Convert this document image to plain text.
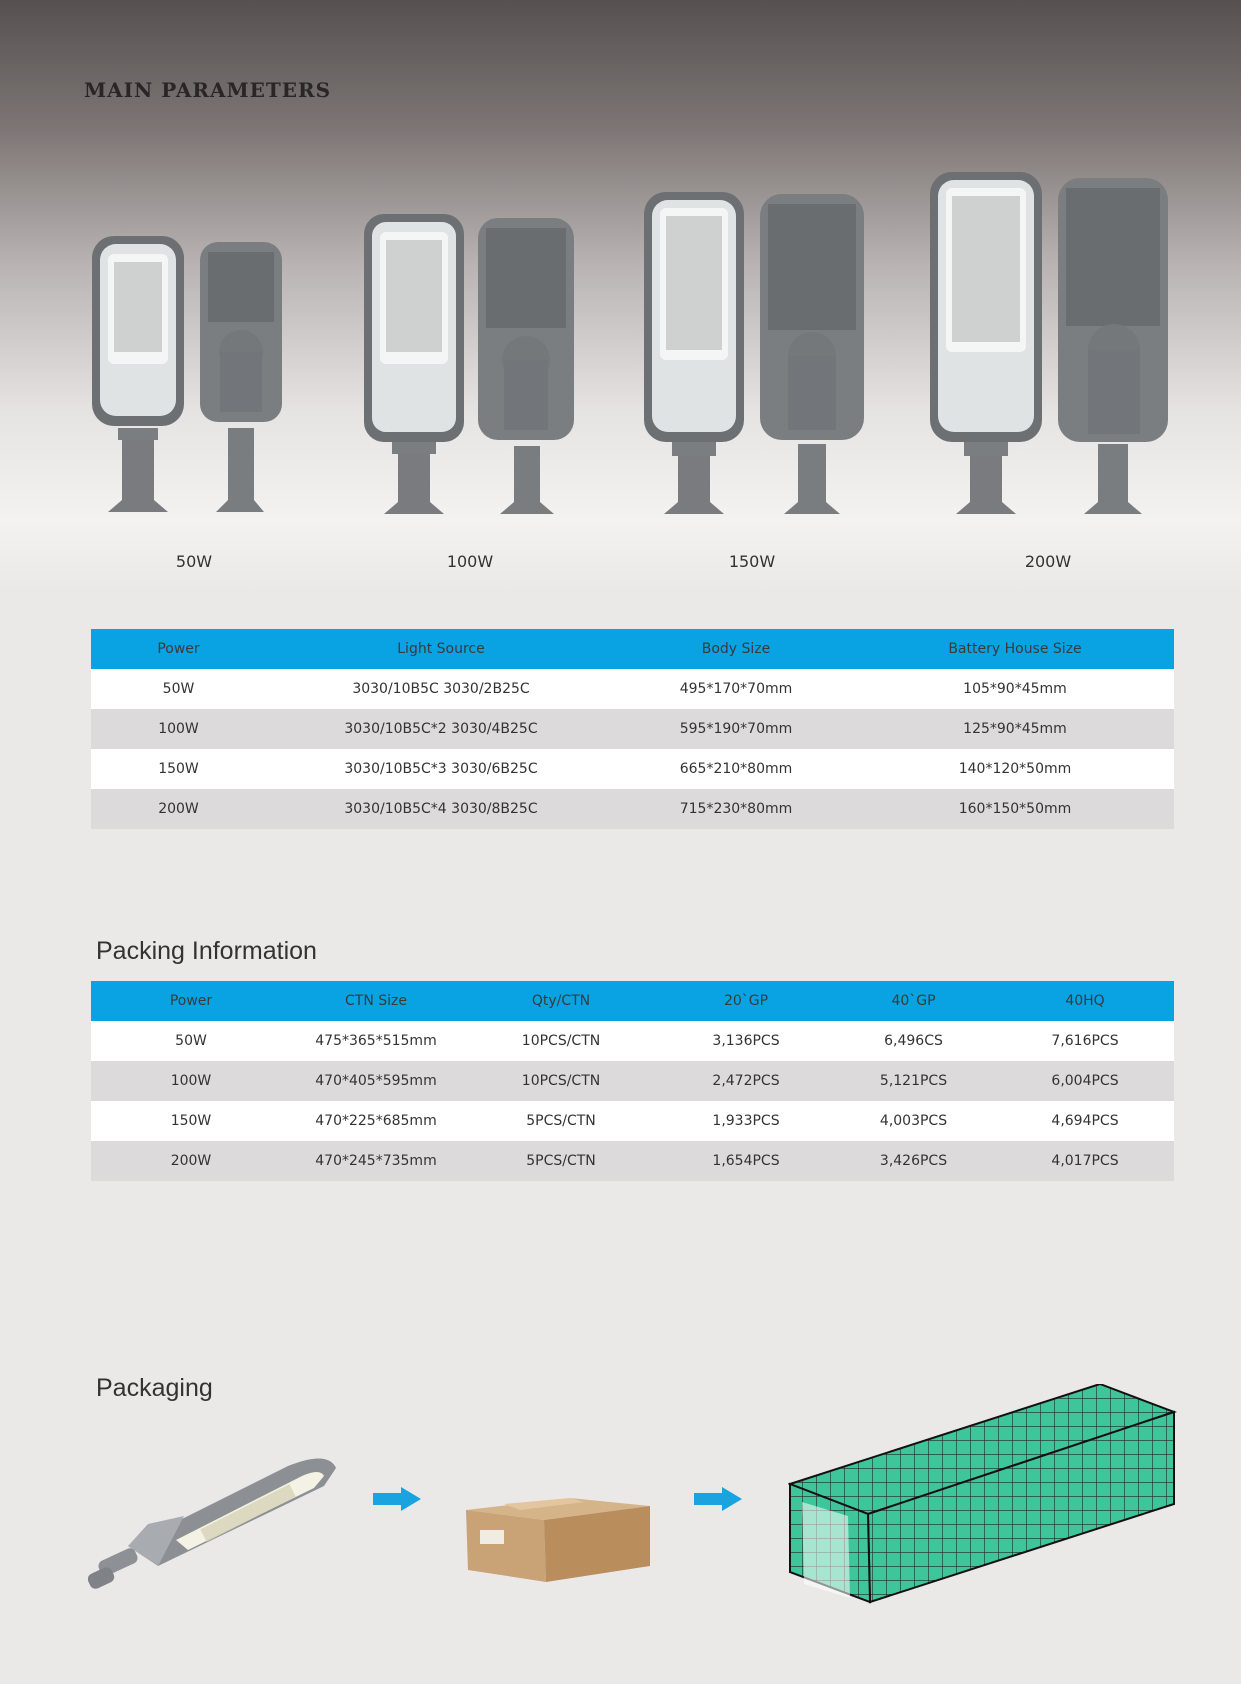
MAIN PARAMETERS
50W	100W	150W	200W
Power	Light Source	Body Size	Battery House Size
50W	3030/10B5C 3030/2B25C	495*170*70mm	105*90*45mm
100W	3030/10B5C*2 3030/4B25C	595*190*70mm	125*90*45mm
150W	3030/10B5C*3 3030/6B25C	665*210*80mm	140*120*50mm
200W	3030/10B5C*4 3030/8B25C	715*230*80mm	160*150*50mm
Packing Information
Power	CTN Size	Qty/CTN	20`GP	40`GP	40HQ
50W	475*365*515mm	10PCS/CTN	3,136PCS	6,496CS	7,616PCS
100W	470*405*595mm	10PCS/CTN	2,472PCS	5,121PCS	6,004PCS
150W	470*225*685mm	5PCS/CTN	1,933PCS	4,003PCS	4,694PCS
200W	470*245*735mm	5PCS/CTN	1,654PCS	3,426PCS	4,017PCS
Packaging
